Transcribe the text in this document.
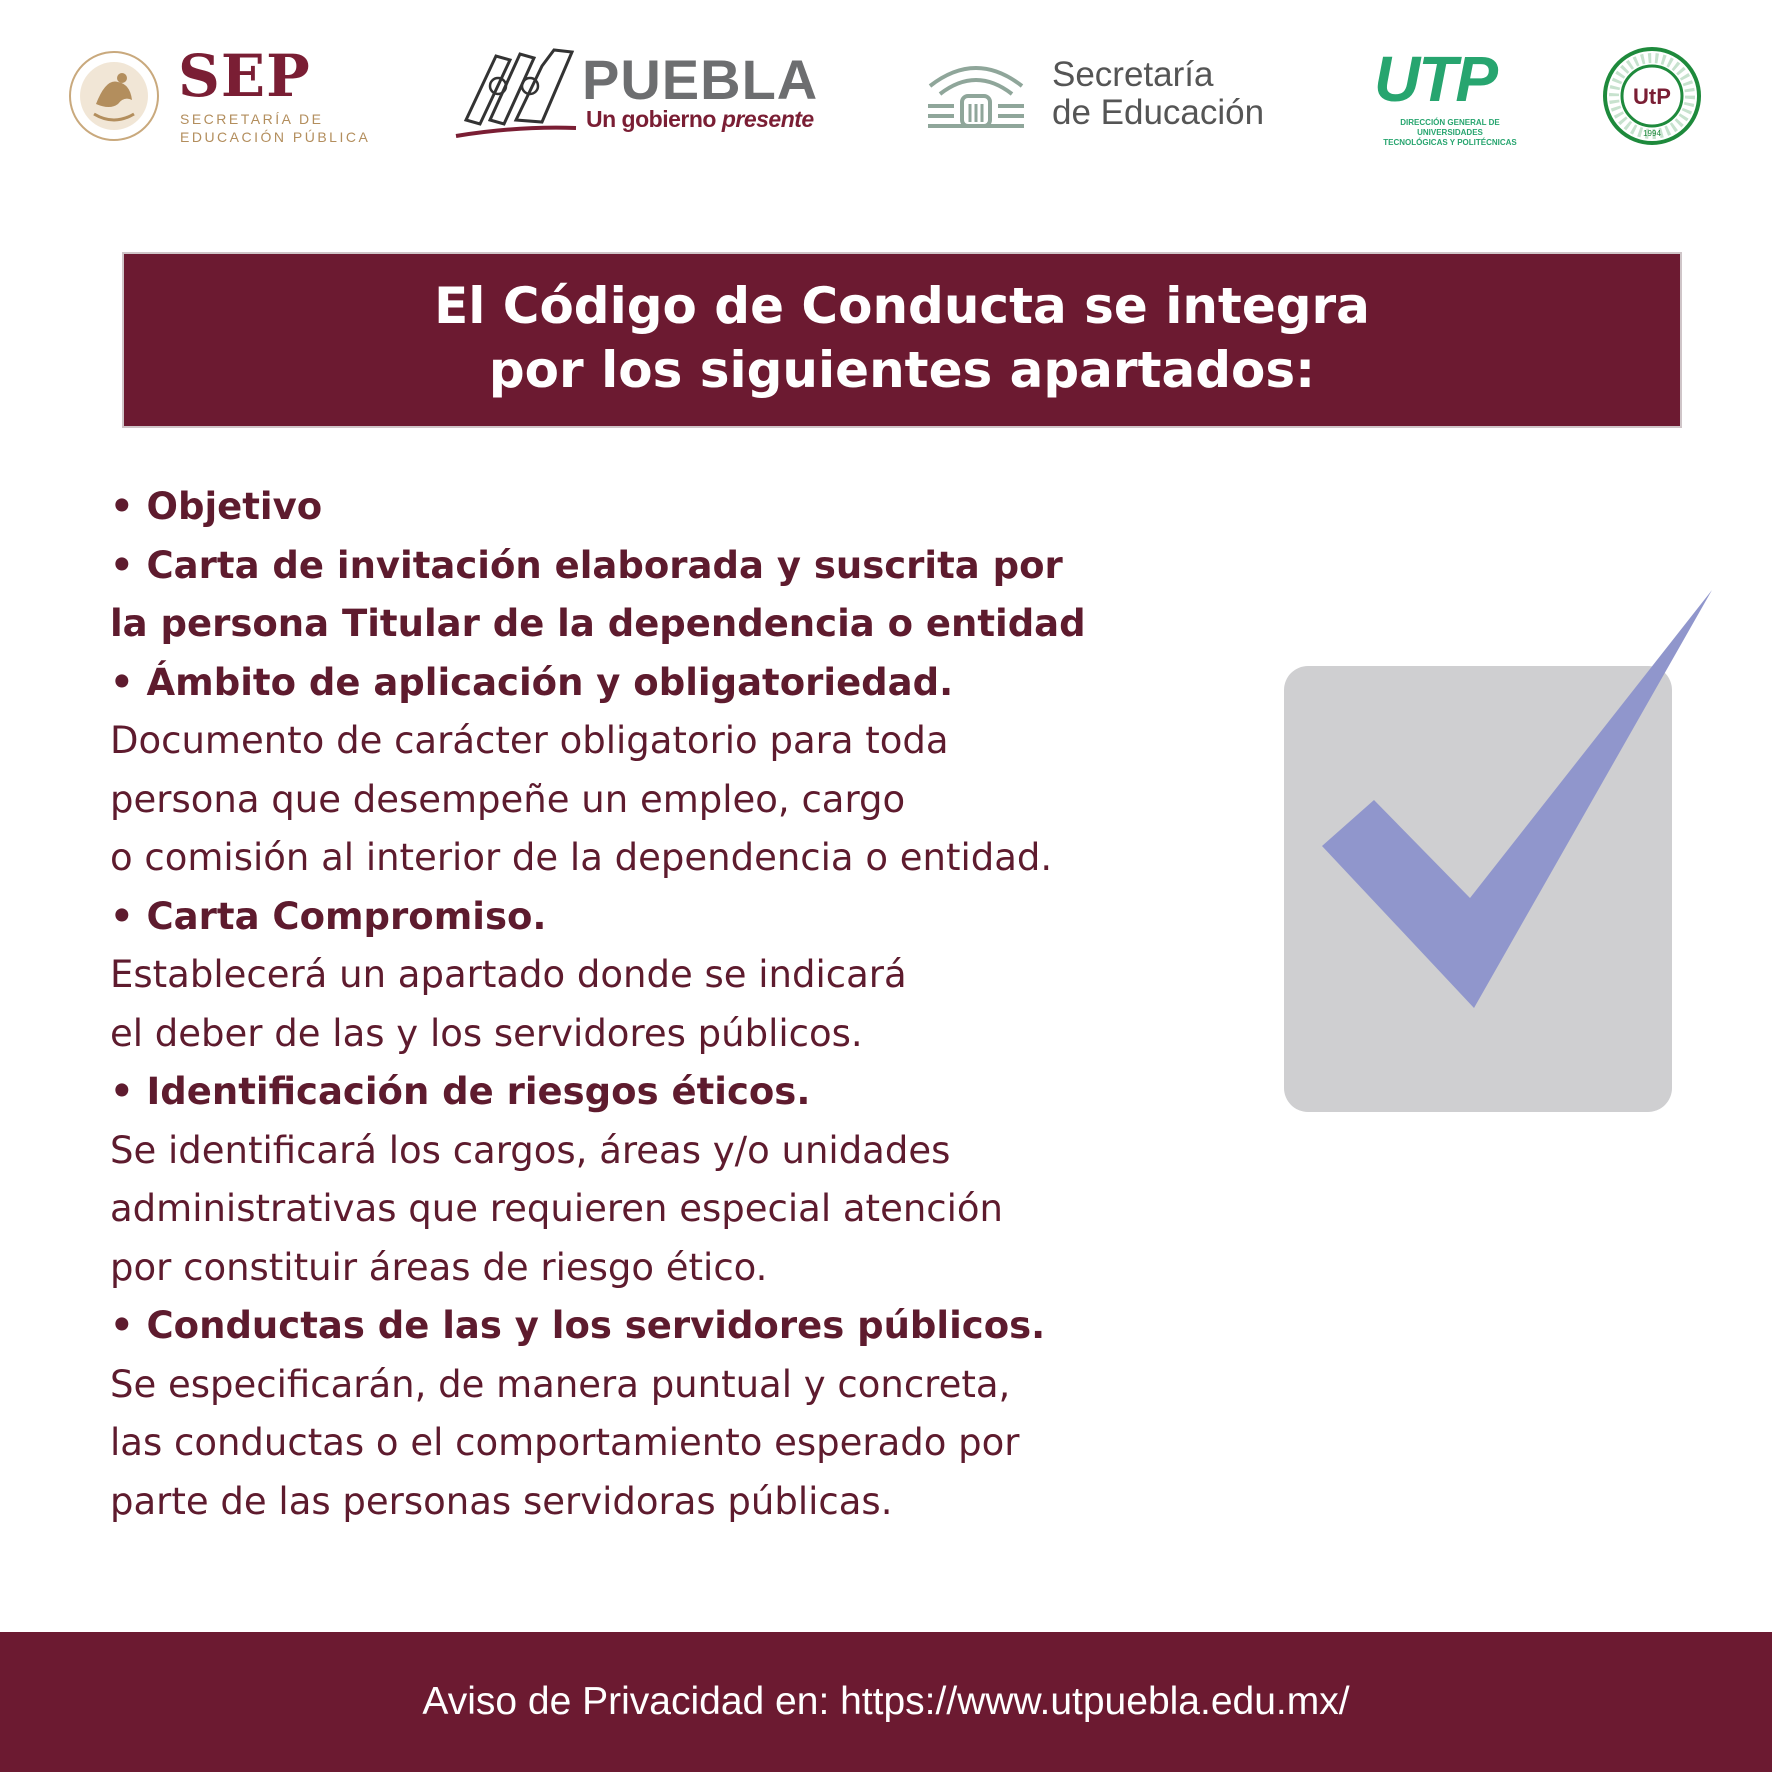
SEP
SECRETARÍA DE
EDUCACIÓN PÚBLICA
PUEBLA
Un gobierno presente
Secretaría
de Educación UTP
DIRECCIÓN GENERAL DE UNIVERSIDADES
TECNOLÓGICAS Y POLITÉCNICAS
UtP
1994
El Código de Conducta se integra
por los siguientes apartados:
• Objetivo
• Carta de invitación elaborada y suscrita por
la persona Titular de la dependencia o entidad
• Ámbito de aplicación y obligatoriedad.
Documento de carácter obligatorio para toda
persona que desempeñe un empleo, cargo
o comisión al interior de la dependencia o entidad.
• Carta Compromiso.
Establecerá un apartado donde se indicará
el deber de las y los servidores públicos.
• Identificación de riesgos éticos.
Se identificará los cargos, áreas y/o unidades
administrativas que requieren especial atención
por constituir áreas de riesgo ético.
• Conductas de las y los servidores públicos.
Se especificarán, de manera puntual y concreta,
las conductas o el comportamiento esperado por
parte de las personas servidoras públicas.
Aviso de Privacidad en: https://www.utpuebla.edu.mx/
